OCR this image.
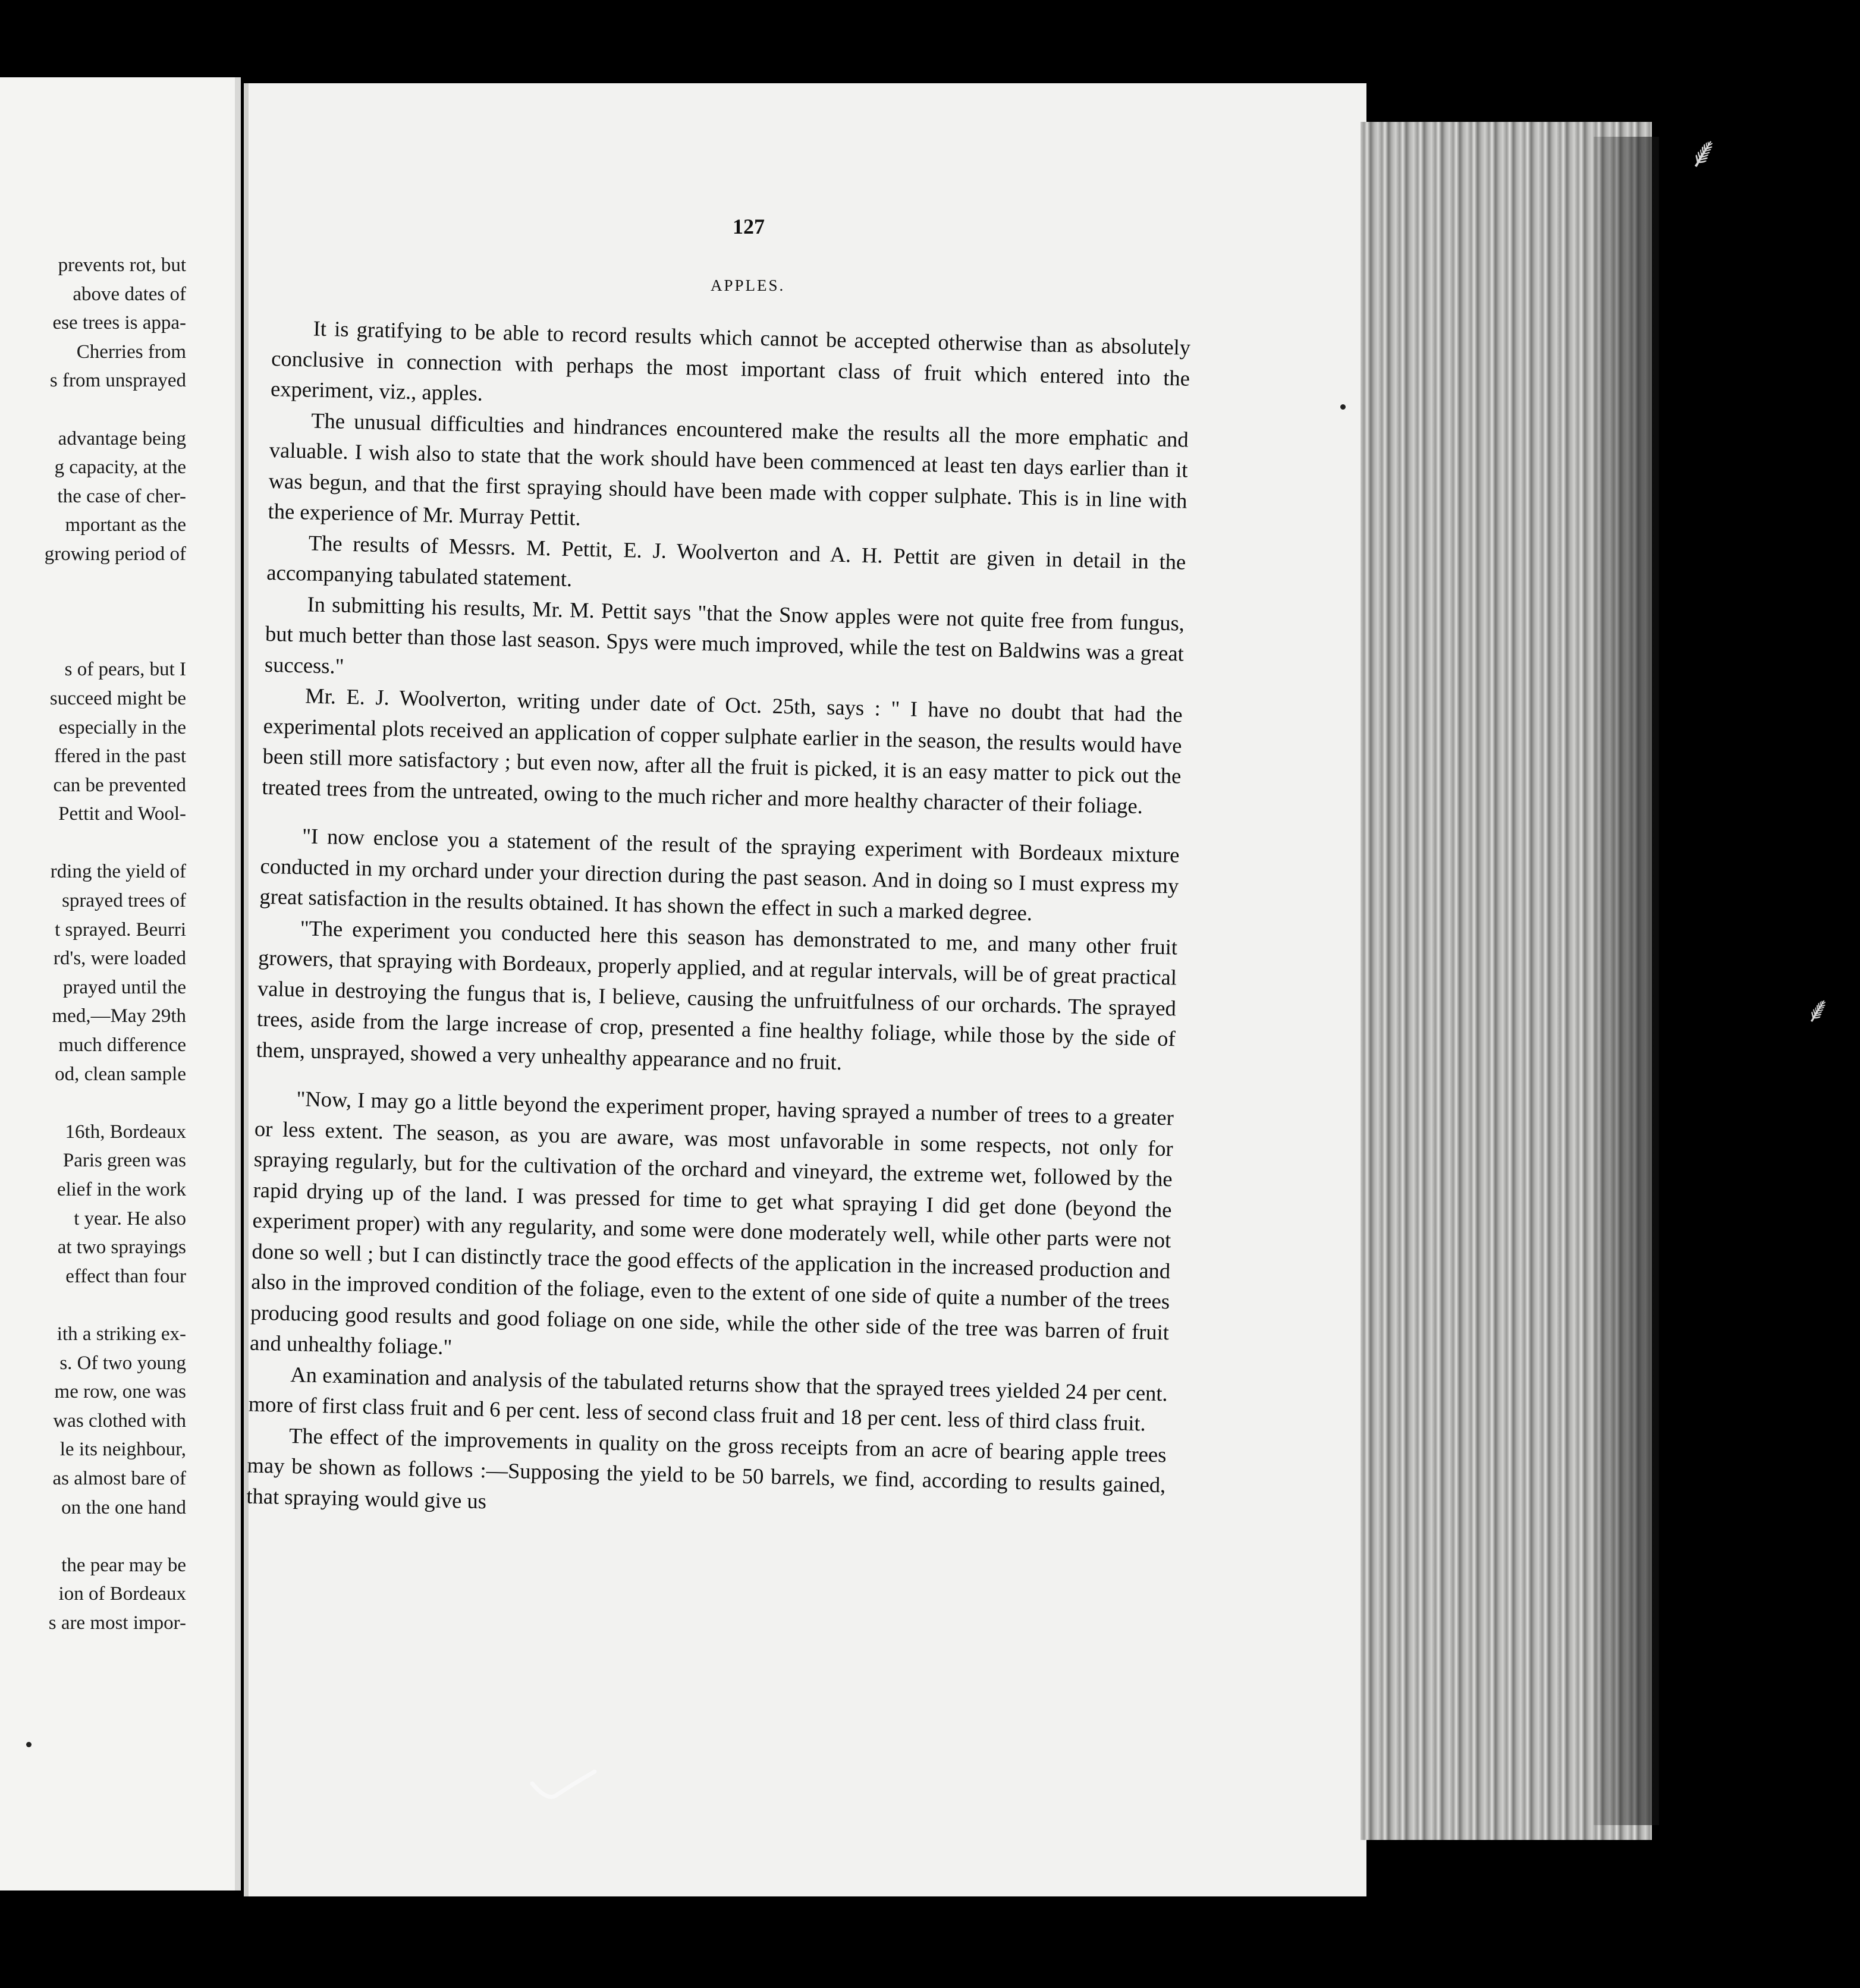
prevents rot, but
above dates of
ese trees is appa-
Cherries from
s from unsprayed
advantage being
g capacity, at the
the case of cher-
mportant as the
growing period of
s of pears, but I
succeed might be
especially in the
ffered in the past
can be prevented
Pettit and Wool-
rding the yield of
sprayed trees of
t sprayed. Beurri
rd's, were loaded
prayed until the
med,—May 29th
much difference
od, clean sample
16th, Bordeaux
Paris green was
elief in the work
t year. He also
at two sprayings
effect than four
ith a striking ex-
s. Of two young
me row, one was
was clothed with
le its neighbour,
as almost bare of
on the one hand
the pear may be
ion of Bordeaux
s are most impor-
⸙
⸙
127
APPLES.

It is gratifying to be able to record results which cannot be accepted otherwise than as absolutely conclusive in connection with perhaps the most important class of fruit which entered into the experiment, viz., apples.

The unusual difficulties and hindrances encountered make the results all the more emphatic and valuable. I wish also to state that the work should have been commenced at least ten days earlier than it was begun, and that the first spraying should have been made with copper sulphate. This is in line with the experience of Mr. Murray Pettit.

The results of Messrs. M. Pettit, E. J. Woolverton and A. H. Pettit are given in detail in the accompanying tabulated statement.

In submitting his results, Mr. M. Pettit says "that the Snow apples were not quite free from fungus, but much better than those last season. Spys were much improved, while the test on Baldwins was a great success."

Mr. E. J. Woolverton, writing under date of Oct. 25th, says : " I have no doubt that had the experimental plots received an application of copper sulphate earlier in the season, the results would have been still more satisfactory ; but even now, after all the fruit is picked, it is an easy matter to pick out the treated trees from the untreated, owing to the much richer and more healthy character of their foliage.

"I now enclose you a statement of the result of the spraying experiment with Bordeaux mixture conducted in my orchard under your direction during the past season. And in doing so I must express my great satisfaction in the results obtained. It has shown the effect in such a marked degree.

"The experiment you conducted here this season has demonstrated to me, and many other fruit growers, that spraying with Bordeaux, properly applied, and at regular intervals, will be of great practical value in destroying the fungus that is, I believe, causing the unfruitfulness of our orchards. The sprayed trees, aside from the large increase of crop, presented a fine healthy foliage, while those by the side of them, unsprayed, showed a very unhealthy appearance and no fruit.

"Now, I may go a little beyond the experiment proper, having sprayed a number of trees to a greater or less extent. The season, as you are aware, was most unfavorable in some respects, not only for spraying regularly, but for the cultivation of the orchard and vineyard, the extreme wet, followed by the rapid drying up of the land. I was pressed for time to get what spraying I did get done (beyond the experiment proper) with any regularity, and some were done moderately well, while other parts were not done so well ; but I can distinctly trace the good effects of the application in the increased production and also in the improved condition of the foliage, even to the extent of one side of quite a number of the trees producing good results and good foliage on one side, while the other side of the tree was barren of fruit and unhealthy foliage."

An examination and analysis of the tabulated returns show that the sprayed trees yielded 24 per cent. more of first class fruit and 6 per cent. less of second class fruit and 18 per cent. less of third class fruit.

The effect of the improvements in quality on the gross receipts from an acre of bearing apple trees may be shown as follows :—Supposing the yield to be 50 barrels, we find, according to results gained, that spraying would give us
